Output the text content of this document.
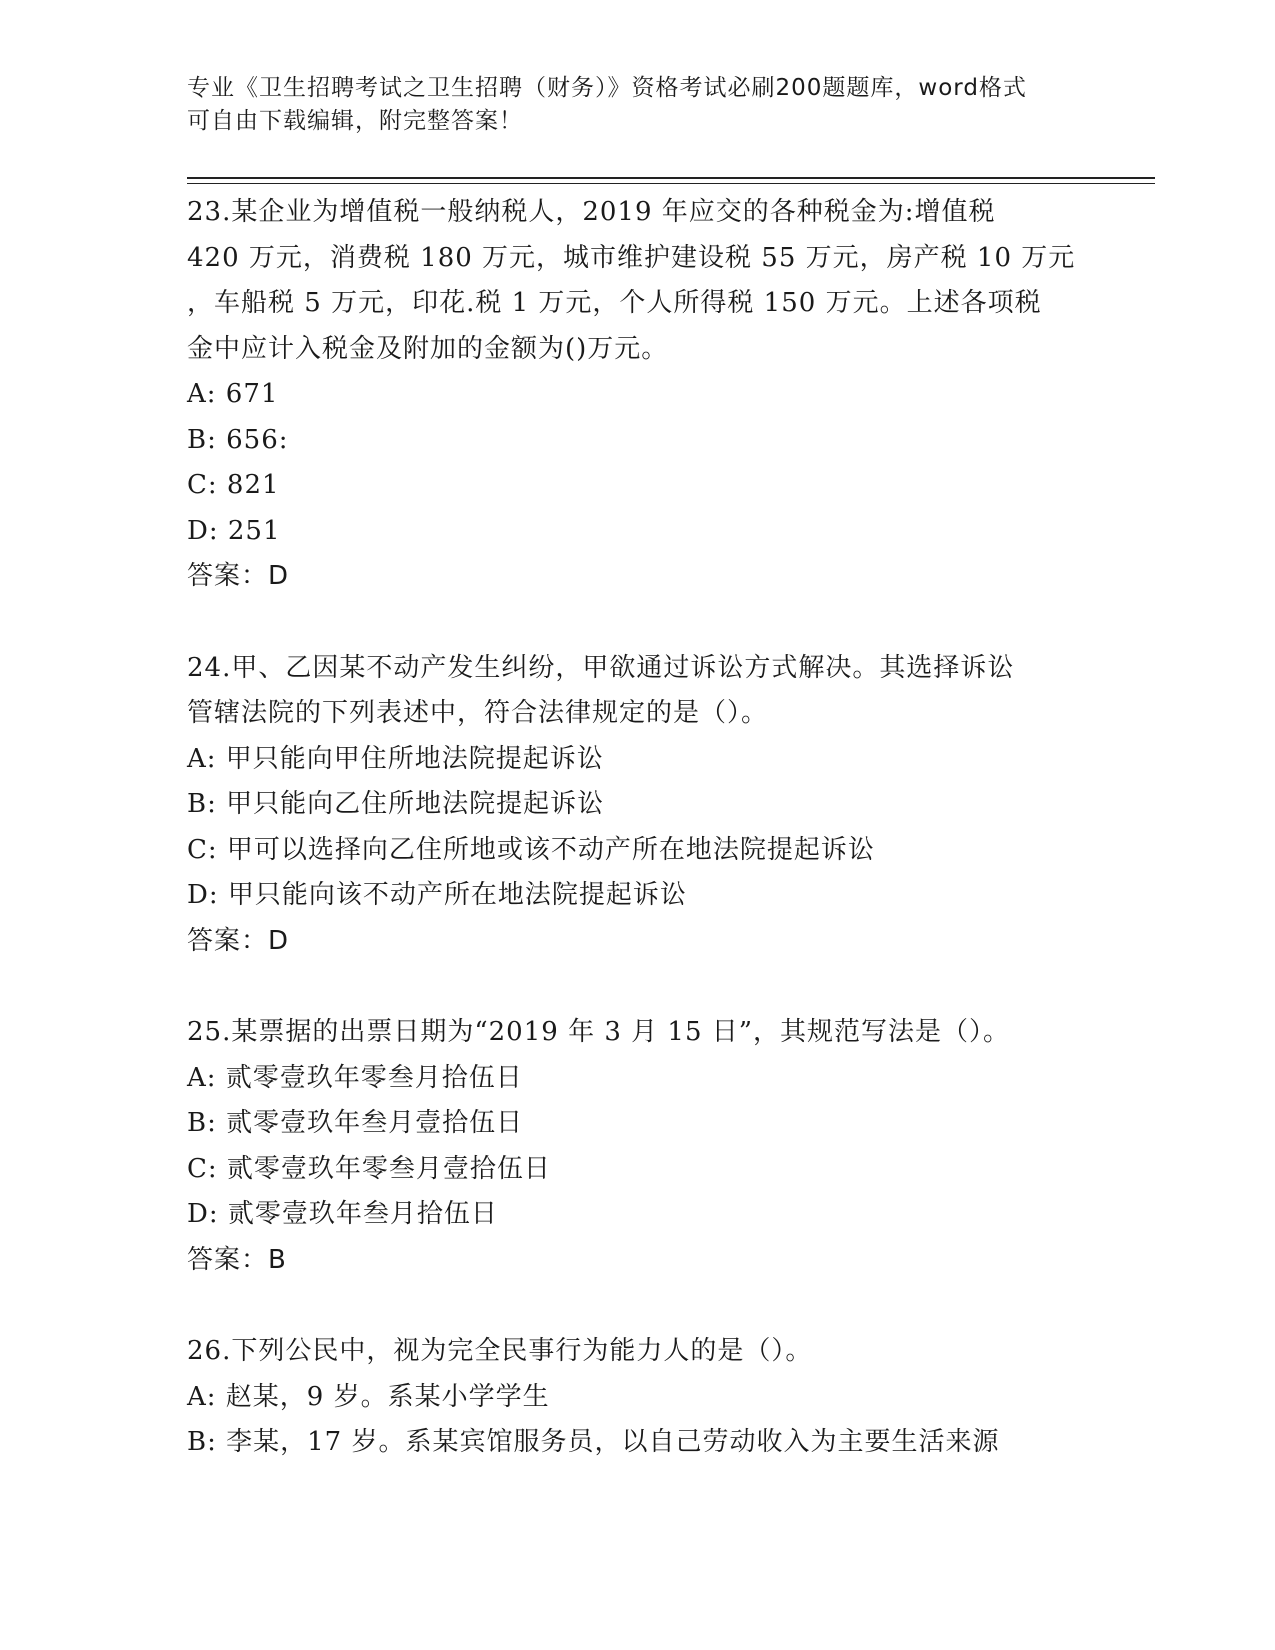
专业《卫生招聘考试之卫生招聘（财务）》资格考试必刷200题题库，word格式

可自由下载编辑，附完整答案！

23.某企业为增值税一般纳税人，2019 年应交的各种税金为:增值税

420 万元，消费税 180 万元，城市维护建设税 55 万元，房产税 10 万元

，车船税 5 万元，印花.税 1 万元，个人所得税 150 万元。上述各项税

金中应计入税金及附加的金额为()万元。

A: 671

B: 656:

C: 821

D: 251

答案：D

24.甲、乙因某不动产发生纠纷，甲欲通过诉讼方式解决。其选择诉讼

管辖法院的下列表述中，符合法律规定的是（）。

A: 甲只能向甲住所地法院提起诉讼

B: 甲只能向乙住所地法院提起诉讼

C: 甲可以选择向乙住所地或该不动产所在地法院提起诉讼

D: 甲只能向该不动产所在地法院提起诉讼

答案：D

25.某票据的出票日期为“2019 年 3 月 15 日”，其规范写法是（）。

A: 贰零壹玖年零叁月拾伍日

B: 贰零壹玖年叁月壹拾伍日

C: 贰零壹玖年零叁月壹拾伍日

D: 贰零壹玖年叁月拾伍日

答案：B

26.下列公民中，视为完全民事行为能力人的是（）。

A: 赵某，9 岁。系某小学学生

B: 李某，17 岁。系某宾馆服务员，以自己劳动收入为主要生活来源
